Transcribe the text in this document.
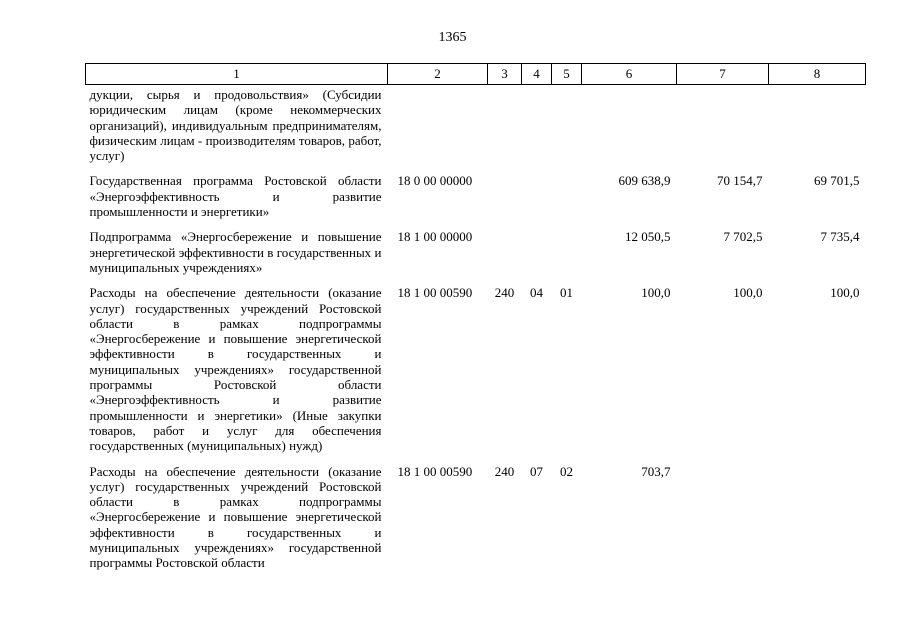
1365
1	2	3	4	5	6	7	8
дукции, сырья и продовольствия» (Субсидии юридическим лицам (кроме некоммерческих организаций), индивидуальным предпринимателям, физическим лицам - производителям товаров, работ, услуг)							
Государственная программа Ростовской области «Энергоэффективность и развитие промышленности и энергетики»	18 0 00 00000				609 638,9	70 154,7	69 701,5
Подпрограмма «Энергосбережение и повышение энергетической эффективности в государственных и муниципальных учреждениях»	18 1 00 00000				12 050,5	7 702,5	7 735,4
Расходы на обеспечение деятельности (оказание услуг) государственных учреждений Ростовской области в рамках подпрограммы «Энергосбережение и повышение энергетической эффективности в государственных и муниципальных учреждениях» государственной программы Ростовской области «Энергоэффективность и развитие промышленности и энергетики» (Иные закупки товаров, работ и услуг для обеспечения государственных (муниципальных) нужд)	18 1 00 00590	240	04	01	100,0	100,0	100,0
Расходы на обеспечение деятельности (оказание услуг) государственных учреждений Ростовской области в рамках подпрограммы «Энергосбережение и повышение энергетической эффективности в государственных и муниципальных учреждениях» государственной программы Ростовской области	18 1 00 00590	240	07	02	703,7		
